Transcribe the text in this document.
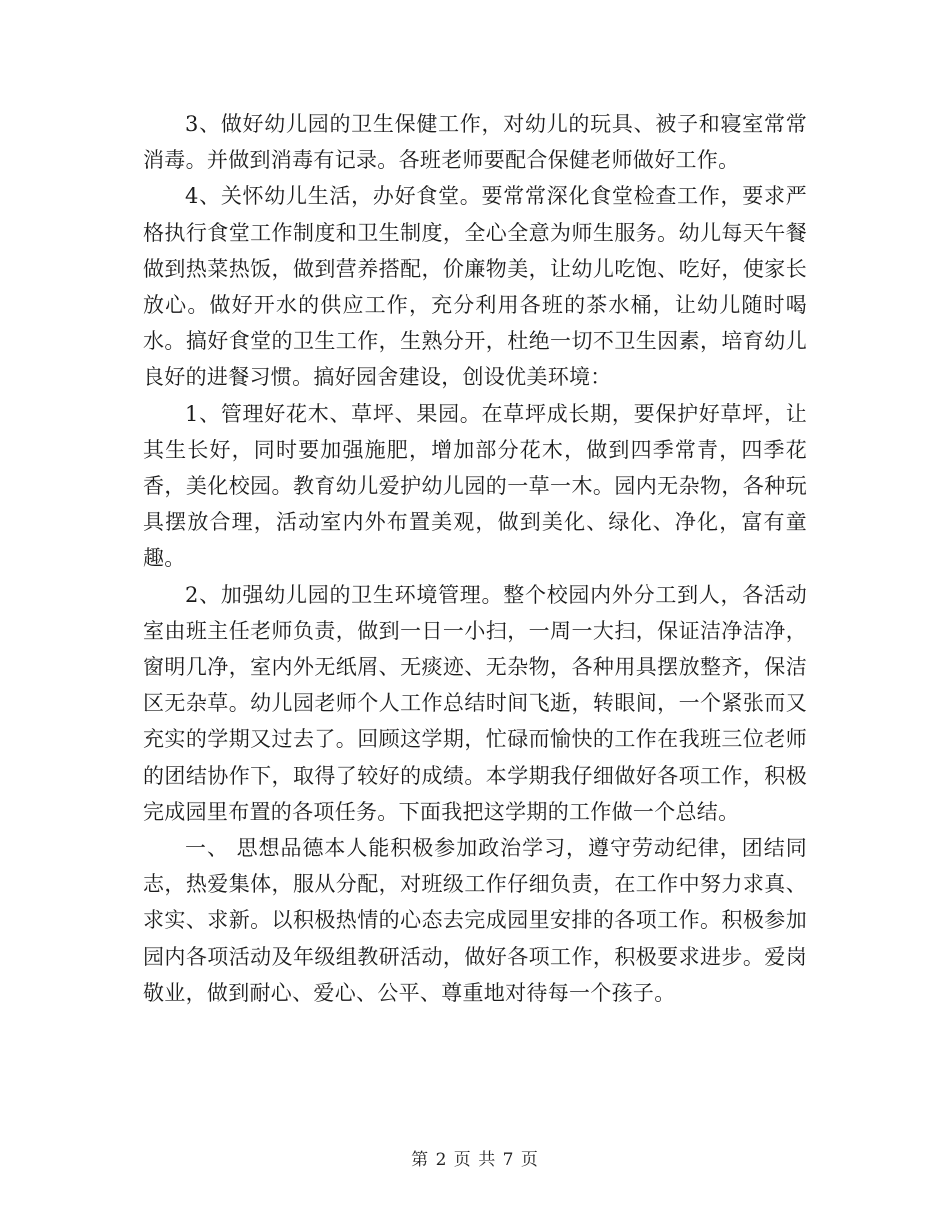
3、做好幼儿园的卫生保健工作，对幼儿的玩具、被子和寝室常常消毒。并做到消毒有记录。各班老师要配合保健老师做好工作。

4、关怀幼儿生活，办好食堂。要常常深化食堂检查工作，要求严格执行食堂工作制度和卫生制度，全心全意为师生服务。幼儿每天午餐做到热菜热饭，做到营养搭配，价廉物美，让幼儿吃饱、吃好，使家长放心。做好开水的供应工作，充分利用各班的茶水桶，让幼儿随时喝水。搞好食堂的卫生工作，生熟分开，杜绝一切不卫生因素，培育幼儿良好的进餐习惯。搞好园舍建设，创设优美环境：

1、管理好花木、草坪、果园。在草坪成长期，要保护好草坪，让其生长好，同时要加强施肥，增加部分花木，做到四季常青，四季花香，美化校园。教育幼儿爱护幼儿园的一草一木。园内无杂物，各种玩具摆放合理，活动室内外布置美观，做到美化、绿化、净化，富有童趣。

2、加强幼儿园的卫生环境管理。整个校园内外分工到人，各活动室由班主任老师负责，做到一日一小扫，一周一大扫，保证洁净洁净，窗明几净，室内外无纸屑、无痰迹、无杂物，各种用具摆放整齐，保洁区无杂草。幼儿园老师个人工作总结时间飞逝，转眼间，一个紧张而又充实的学期又过去了。回顾这学期，忙碌而愉快的工作在我班三位老师的团结协作下，取得了较好的成绩。本学期我仔细做好各项工作，积极完成园里布置的各项任务。下面我把这学期的工作做一个总结。

一、 思想品德本人能积极参加政治学习，遵守劳动纪律，团结同志，热爱集体，服从分配，对班级工作仔细负责，在工作中努力求真、求实、求新。以积极热情的心态去完成园里安排的各项工作。积极参加园内各项活动及年级组教研活动，做好各项工作，积极要求进步。爱岗敬业，做到耐心、爱心、公平、尊重地对待每一个孩子。

第 2 页 共 7 页
